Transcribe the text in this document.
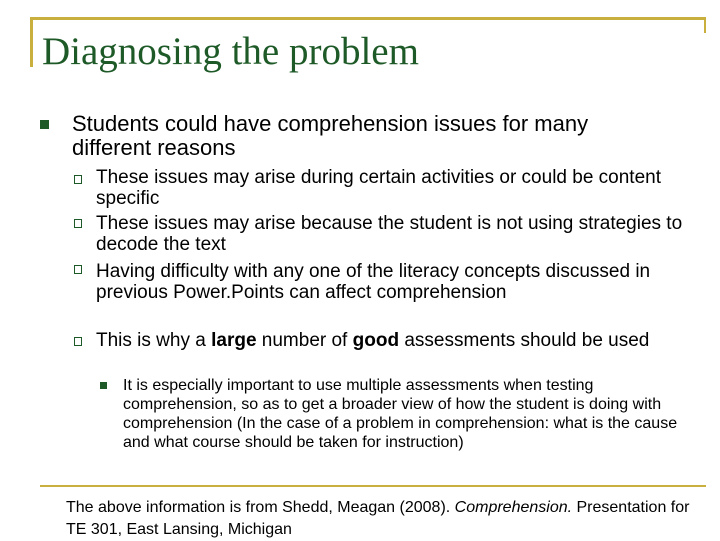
Diagnosing the problem
Students could have comprehension issues for many different reasons
These issues may arise during certain activities or could be content specific
These issues may arise because the student is not using strategies to decode the text
Having difficulty with any one of the literacy concepts discussed in previous Power.Points can affect comprehension
This is why a large number of good assessments should be used
It is especially important to use multiple assessments when testing comprehension, so as to get a broader view of how the student is doing with comprehension (In the case of a problem in comprehension: what is the cause and what course should be taken for instruction)
The above information is from Shedd, Meagan (2008). Comprehension. Presentation for TE 301, East Lansing, Michigan
